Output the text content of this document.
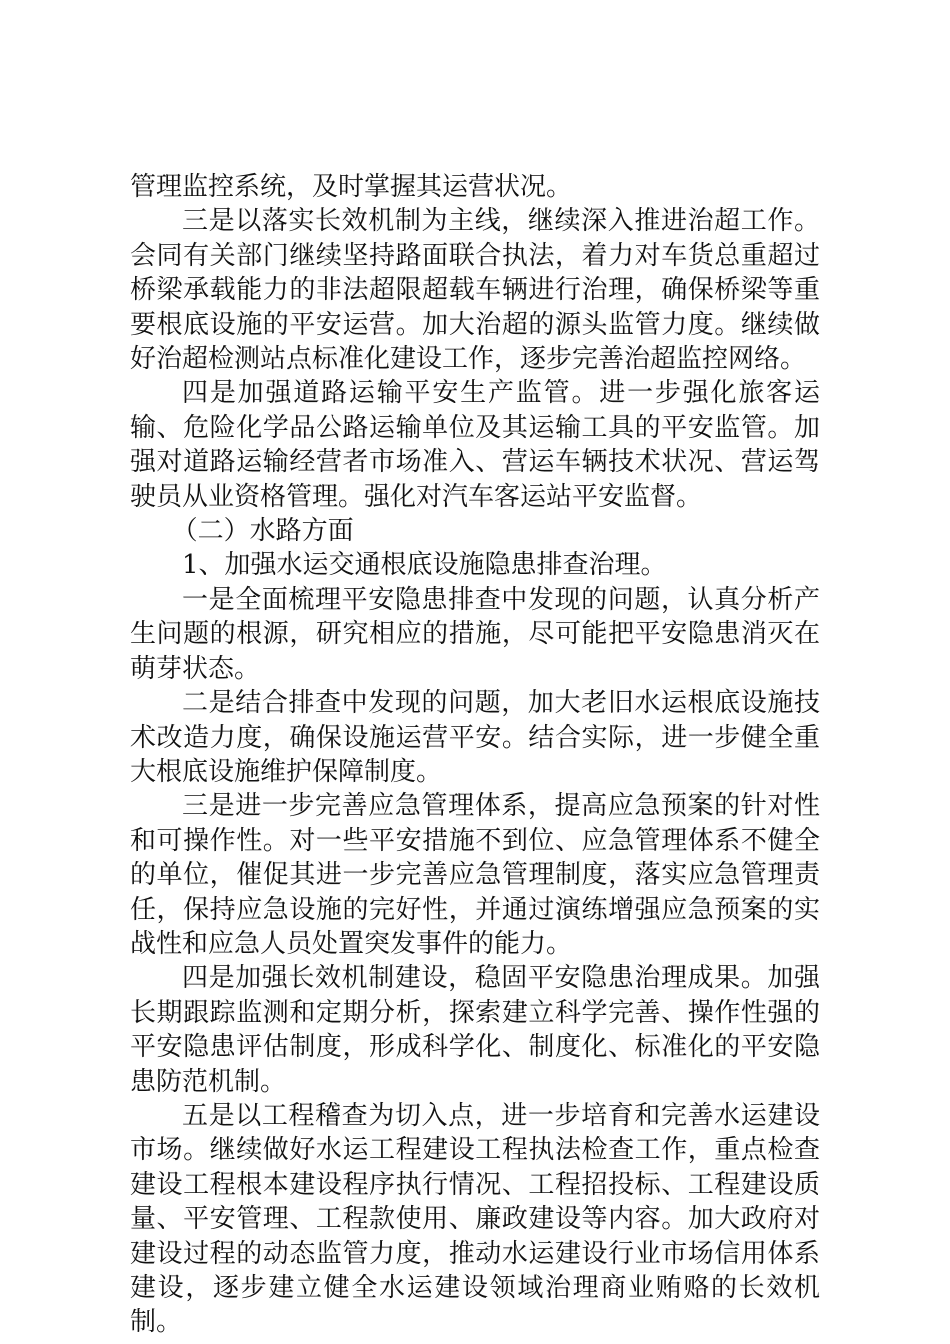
管理监控系统，及时掌握其运营状况。

三是以落实长效机制为主线，继续深入推进治超工作。会同有关部门继续坚持路面联合执法，着力对车货总重超过桥梁承载能力的非法超限超载车辆进行治理，确保桥梁等重要根底设施的平安运营。加大治超的源头监管力度。继续做好治超检测站点标准化建设工作，逐步完善治超监控网络。

四是加强道路运输平安生产监管。进一步强化旅客运输、危险化学品公路运输单位及其运输工具的平安监管。加强对道路运输经营者市场准入、营运车辆技术状况、营运驾驶员从业资格管理。强化对汽车客运站平安监督。

（二）水路方面

1、加强水运交通根底设施隐患排查治理。

一是全面梳理平安隐患排查中发现的问题，认真分析产生问题的根源，研究相应的措施，尽可能把平安隐患消灭在萌芽状态。

二是结合排查中发现的问题，加大老旧水运根底设施技术改造力度，确保设施运营平安。结合实际，进一步健全重大根底设施维护保障制度。

三是进一步完善应急管理体系，提高应急预案的针对性和可操作性。对一些平安措施不到位、应急管理体系不健全的单位，催促其进一步完善应急管理制度，落实应急管理责任，保持应急设施的完好性，并通过演练增强应急预案的实战性和应急人员处置突发事件的能力。

四是加强长效机制建设，稳固平安隐患治理成果。加强长期跟踪监测和定期分析，探索建立科学完善、操作性强的平安隐患评估制度，形成科学化、制度化、标准化的平安隐患防范机制。

五是以工程稽查为切入点，进一步培育和完善水运建设市场。继续做好水运工程建设工程执法检查工作，重点检查建设工程根本建设程序执行情况、工程招投标、工程建设质量、平安管理、工程款使用、廉政建设等内容。加大政府对建设过程的动态监管力度，推动水运建设行业市场信用体系建设，逐步建立健全水运建设领域治理商业贿赂的长效机制。
